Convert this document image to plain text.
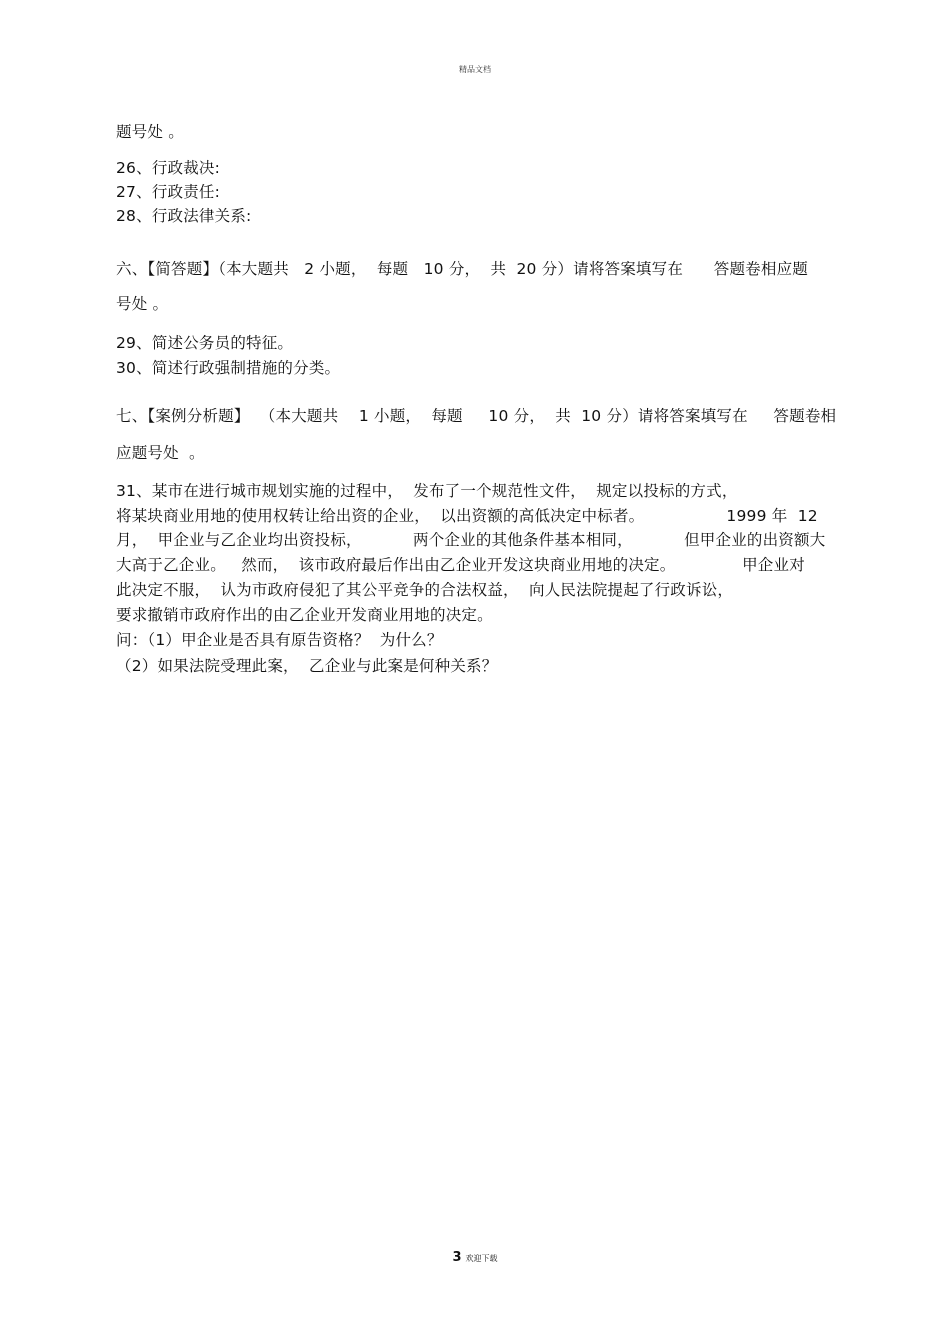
精品文档
题号处 。
26、行政裁决:
27、行政责任:
28、行政法律关系:
六、【简答题】（本大题共   2 小题，  每题   10 分，  共  20 分）请将答案填写在      答题卷相应题
号处 。
29、简述公务员的特征。
30、简述行政强制措施的分类。
七、【案例分析题】  （本大题共    1 小题，  每题     10 分，  共  10 分）请将答案填写在     答题卷相
应题号处  。
31、某市在进行城市规划实施的过程中，  发布了一个规范性文件，  规定以投标的方式，
将某块商业用地的使用权转让给出资的企业，  以出资额的高低决定中标者。                1999 年  12
月，  甲企业与乙企业均出资投标，          两个企业的其他条件基本相同，          但甲企业的出资额大
大高于乙企业。   然而，  该市政府最后作出由乙企业开发这块商业用地的决定。             甲企业对
此决定不服，  认为市政府侵犯了其公平竞争的合法权益，  向人民法院提起了行政诉讼，
要求撤销市政府作出的由乙企业开发商业用地的决定。
问：（1）甲企业是否具有原告资格？  为什么？
（2）如果法院受理此案，  乙企业与此案是何种关系？
3 欢迎下载
